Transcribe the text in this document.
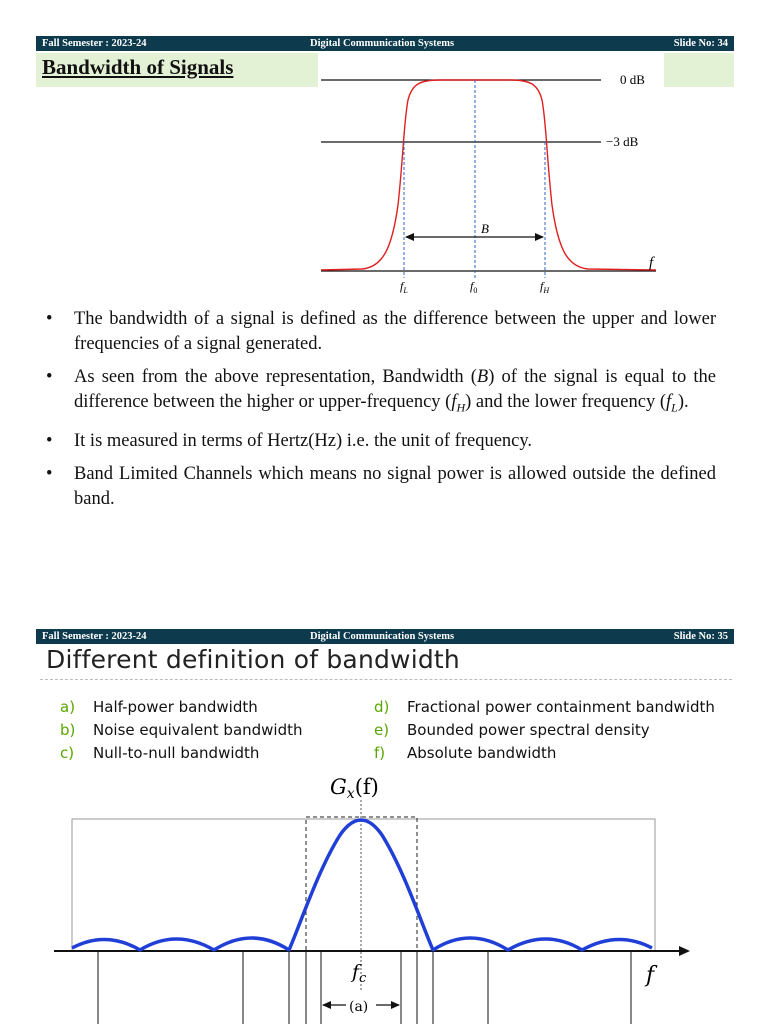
Fall Semester : 2023-24	Digital Communication Systems	Slide No: 34
Bandwidth of Signals
0 dB
−3 dB
B
f
$f_L$	$f_0$	$f_H$
• The bandwidth of a signal is defined as the difference between the upper and lower frequencies of a signal generated.
• As seen from the above representation, Bandwidth (B) of the signal is equal to the difference between the higher or upper-frequency $(f_H)$ and the lower frequency $(f_L)$.
• It is measured in terms of Hertz(Hz) i.e. the unit of frequency.
• Band Limited Channels which means no signal power is allowed outside the defined band.
Fall Semester : 2023-24	Digital Communication Systems	Slide No: 35
Different definition of bandwidth
a) Half-power bandwidth
b) Noise equivalent bandwidth
c) Null-to-null bandwidth
d) Fractional power containment bandwidth
e) Bounded power spectral density
f) Absolute bandwidth
Gx(f)
$f_c$	f
(a)
